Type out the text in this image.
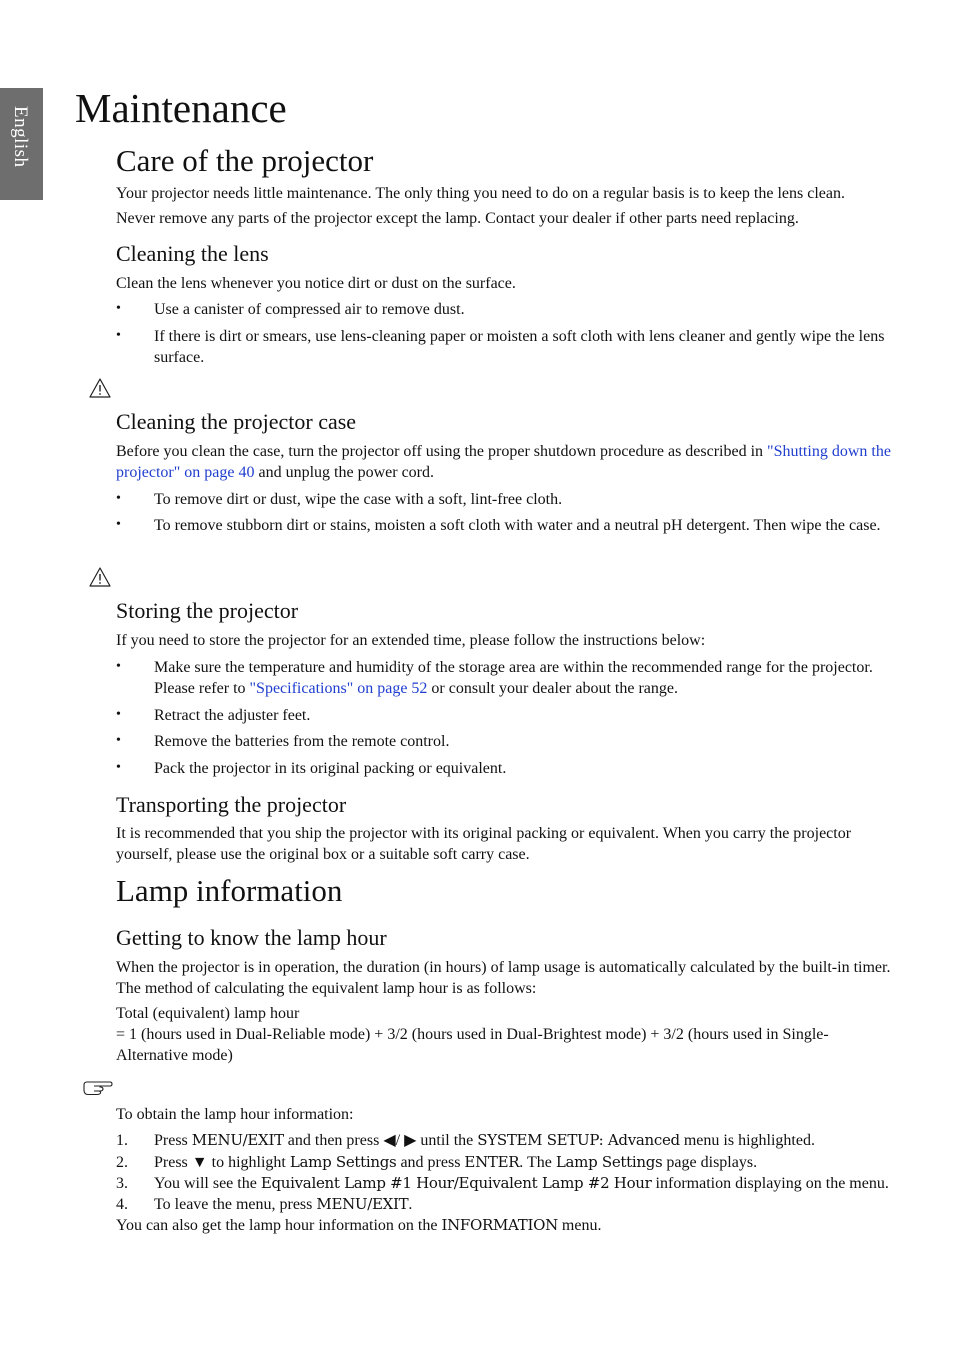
English Maintenance
Care of the projector

Your projector needs little maintenance. The only thing you need to do on a regular basis is to keep the lens clean.

Never remove any parts of the projector except the lamp. Contact your dealer if other parts need replacing.

Cleaning the lens

Clean the lens whenever you notice dirt or dust on the surface.

• Use a canister of compressed air to remove dust.

• If there is dirt or smears, use lens-cleaning paper or moisten a soft cloth with lens cleaner and gently wipe the lens surface.

Cleaning the projector case

Before you clean the case, turn the projector off using the proper shutdown procedure as described in "Shutting down the projector" on page 40 and unplug the power cord.

• To remove dirt or dust, wipe the case with a soft, lint-free cloth.

• To remove stubborn dirt or stains, moisten a soft cloth with water and a neutral pH detergent. Then wipe the case.

Storing the projector

If you need to store the projector for an extended time, please follow the instructions below:

• Make sure the temperature and humidity of the storage area are within the recommended range for the projector. Please refer to "Specifications" on page 52 or consult your dealer about the range.

• Retract the adjuster feet.

• Remove the batteries from the remote control.

• Pack the projector in its original packing or equivalent.

Transporting the projector

It is recommended that you ship the projector with its original packing or equivalent. When you carry the projector yourself, please use the original box or a suitable soft carry case.

Lamp information
Getting to know the lamp hour

When the projector is in operation, the duration (in hours) of lamp usage is automatically calculated by the built-in timer. The method of calculating the equivalent lamp hour is as follows:

Total (equivalent) lamp hour

= 1 (hours used in Dual-Reliable mode) + 3/2 (hours used in Dual-Brightest mode) + 3/2 (hours used in Single-Alternative mode)

To obtain the lamp hour information:

1. Press MENU/EXIT and then press ◀/ ▶ until the SYSTEM SETUP: Advanced menu is highlighted.

2. Press ▼ to highlight Lamp Settings and press ENTER. The Lamp Settings page displays.

3. You will see the Equivalent Lamp #1 Hour/Equivalent Lamp #2 Hour information displaying on the menu.

4. To leave the menu, press MENU/EXIT.

You can also get the lamp hour information on the INFORMATION menu.
